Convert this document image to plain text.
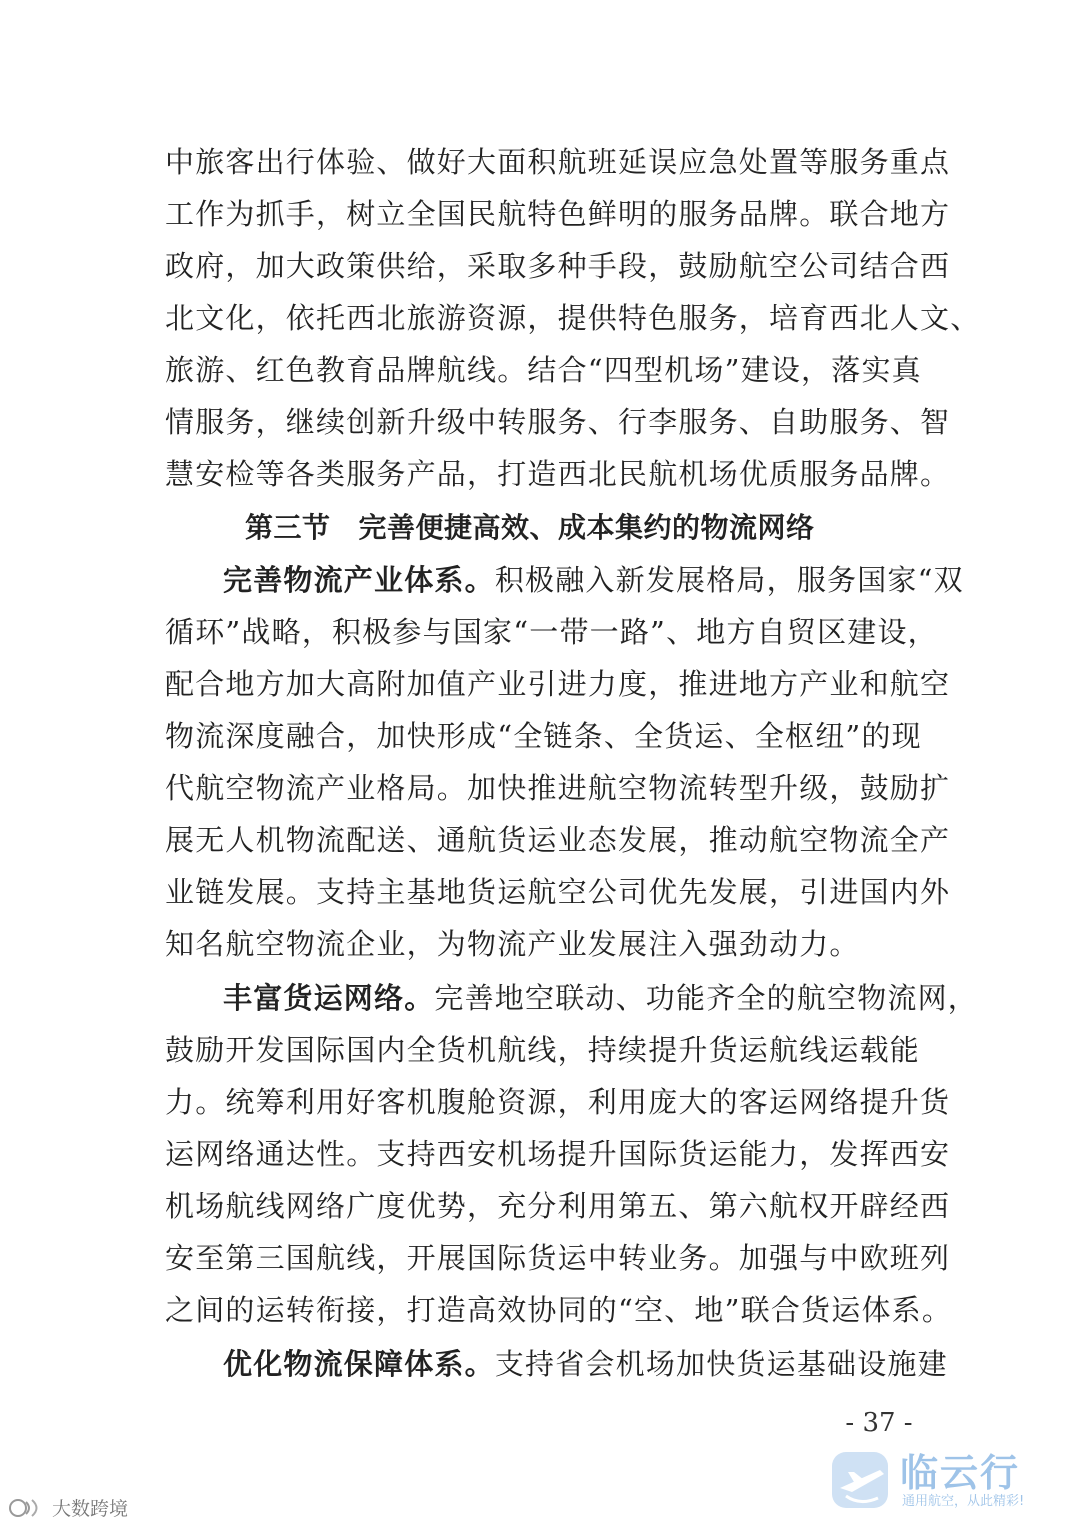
中旅客出行体验、做好大面积航班延误应急处置等服务重点
工作为抓手，树立全国民航特色鲜明的服务品牌。联合地方
政府，加大政策供给，采取多种手段，鼓励航空公司结合西
北文化，依托西北旅游资源，提供特色服务，培育西北人文、
旅游、红色教育品牌航线。结合“四型机场”建设，落实真
情服务，继续创新升级中转服务、行李服务、自助服务、智
慧安检等各类服务产品，打造西北民航机场优质服务品牌。
第三节 完善便捷高效、成本集约的物流网络
完善物流产业体系。积极融入新发展格局，服务国家“双
循环”战略，积极参与国家“一带一路”、地方自贸区建设，
配合地方加大高附加值产业引进力度，推进地方产业和航空
物流深度融合，加快形成“全链条、全货运、全枢纽”的现
代航空物流产业格局。加快推进航空物流转型升级，鼓励扩
展无人机物流配送、通航货运业态发展，推动航空物流全产
业链发展。支持主基地货运航空公司优先发展，引进国内外
知名航空物流企业，为物流产业发展注入强劲动力。
丰富货运网络。完善地空联动、功能齐全的航空物流网，
鼓励开发国际国内全货机航线，持续提升货运航线运载能
力。统筹利用好客机腹舱资源，利用庞大的客运网络提升货
运网络通达性。支持西安机场提升国际货运能力，发挥西安
机场航线网络广度优势，充分利用第五、第六航权开辟经西
安至第三国航线，开展国际货运中转业务。加强与中欧班列
之间的运转衔接，打造高效协同的“空、地”联合货运体系。
优化物流保障体系。支持省会机场加快货运基础设施建
- 37 -
大数跨境
临云行
通用航空，从此精彩!
